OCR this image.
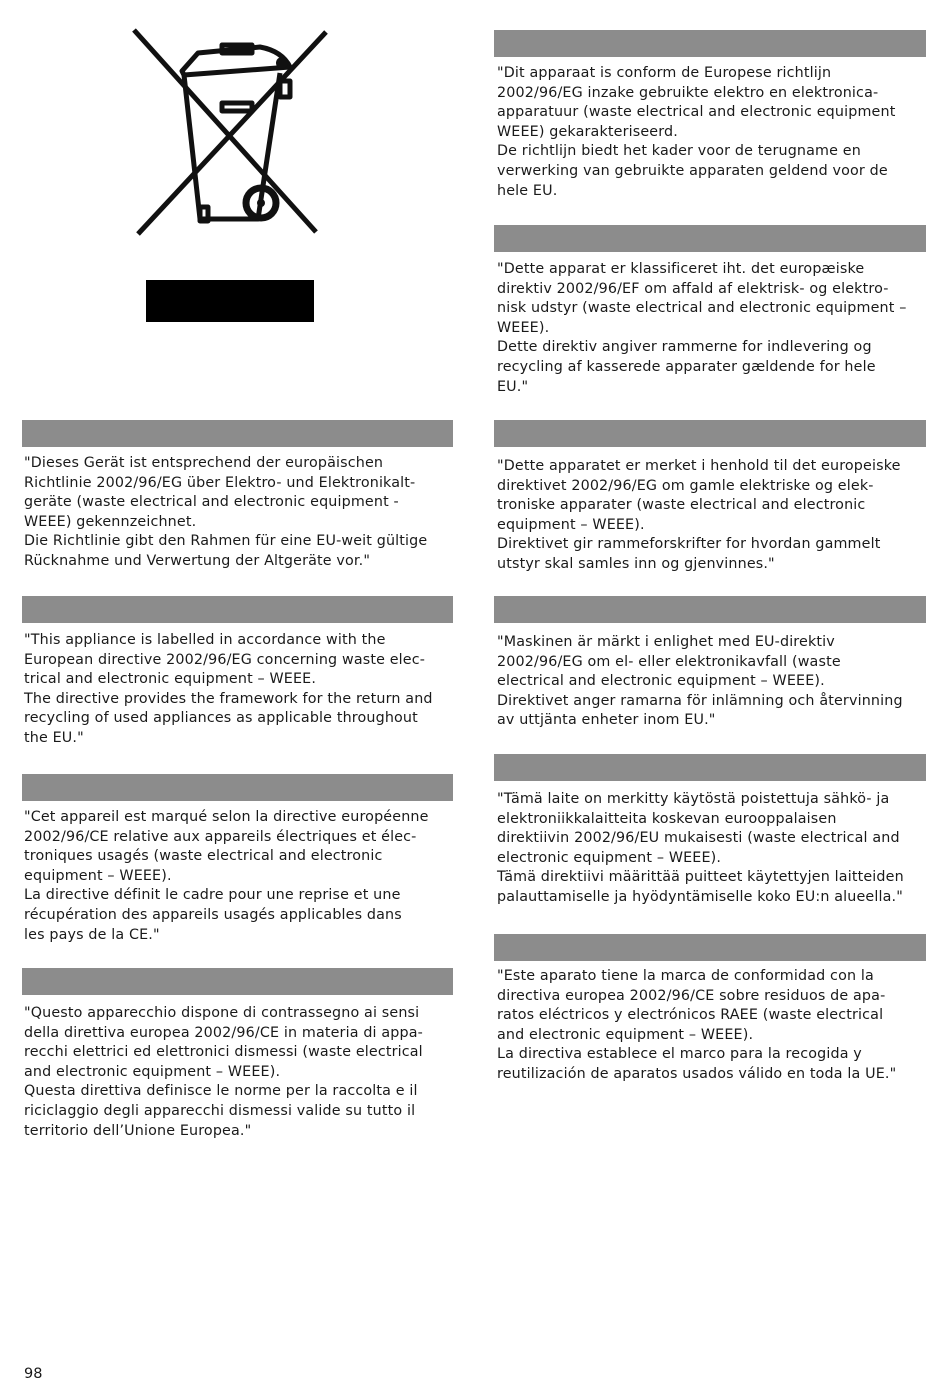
"Dieses Gerät ist entsprechend der europäischen
Richtlinie 2002/96/EG über Elektro- und Elektronikalt-
geräte (waste electrical and electronic equipment -
WEEE) gekennzeichnet.
Die Richtlinie gibt den Rahmen für eine EU-weit gültige
Rücknahme und Verwertung der Altgeräte vor."
"This appliance is labelled in accordance with the
European directive 2002/96/EG concerning waste elec-
trical and electronic equipment – WEEE.
The directive provides the framework for the return and
recycling of used appliances as applicable throughout
the EU."
"Cet appareil est marqué selon la directive européenne
2002/96/CE relative aux appareils électriques et élec-
troniques usagés (waste electrical and electronic
equipment – WEEE).
La directive définit le cadre pour une reprise et une
récupération des appareils usagés applicables dans
les pays de la CE."
"Questo apparecchio dispone di contrassegno ai sensi
della direttiva europea 2002/96/CE in materia di appa-
recchi elettrici ed elettronici dismessi (waste electrical
and electronic equipment – WEEE).
Questa direttiva definisce le norme per la raccolta e il
riciclaggio degli apparecchi dismessi valide su tutto il
territorio dell’Unione Europea."
"Dit apparaat is conform de Europese richtlijn
2002/96/EG inzake gebruikte elektro en elektronica-
apparatuur (waste electrical and electronic equipment
WEEE) gekarakteriseerd.
De richtlijn biedt het kader voor de terugname en
verwerking van gebruikte apparaten geldend voor de
hele EU.
"Dette apparat er klassificeret iht. det europæiske
direktiv 2002/96/EF om affald af elektrisk- og elektro-
nisk udstyr (waste electrical and electronic equipment –
WEEE).
Dette direktiv angiver rammerne for indlevering og
recycling af kasserede apparater gældende for hele
EU."
"Dette apparatet er merket i henhold til det europeiske
direktivet 2002/96/EG om gamle elektriske og elek-
troniske apparater (waste electrical and electronic
equipment – WEEE).
Direktivet gir rammeforskrifter for hvordan gammelt
utstyr skal samles inn og gjenvinnes."
"Maskinen är märkt i enlighet med EU-direktiv
2002/96/EG om el- eller elektronikavfall (waste
electrical and electronic equipment – WEEE).
Direktivet anger ramarna för inlämning och återvinning
av uttjänta enheter inom EU."
"Tämä laite on merkitty käytöstä poistettuja sähkö- ja
elektroniikkalaitteita koskevan eurooppalaisen
direktiivin 2002/96/EU mukaisesti (waste electrical and
electronic equipment – WEEE).
Tämä direktiivi määrittää puitteet käytettyjen laitteiden
palauttamiselle ja hyödyntämiselle koko EU:n alueella."
"Este aparato tiene la marca de conformidad con la
directiva europea 2002/96/CE sobre residuos de apa-
ratos eléctricos y electrónicos RAEE (waste electrical
and electronic equipment – WEEE).
La directiva establece el marco para la recogida y
reutilización de aparatos usados válido en toda la UE."
98
